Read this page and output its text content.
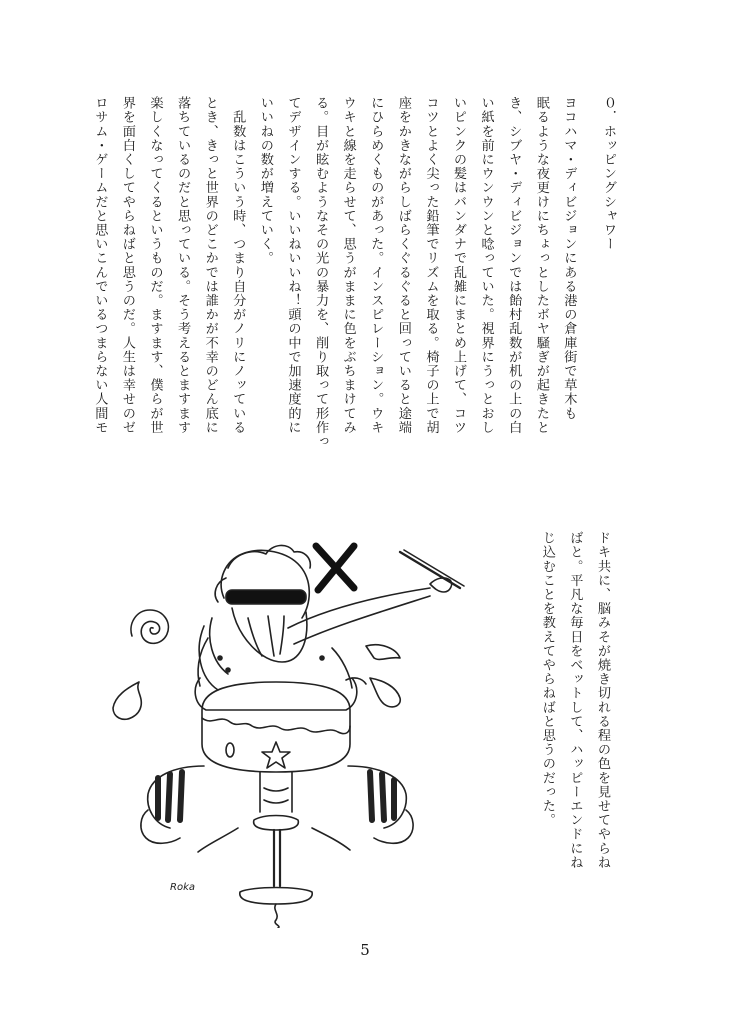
０．ホッピングシャワー
ヨコハマ・ディビジョンにある港の倉庫街で草木も
眠るような夜更けにちょっとしたボヤ騒ぎが起きたと
き、シブヤ・ディビジョンでは飴村乱数が机の上の白
い紙を前にウンウンと唸っていた。視界にうっとおし
いピンクの髪はバンダナで乱雑にまとめ上げて、コツ
コツとよく尖った鉛筆でリズムを取る。椅子の上で胡
座をかきながらしばらくぐるぐると回っていると途端
にひらめくものがあった。インスピレーション。ウキ
ウキと線を走らせて、思うがままに色をぶちまけてみ
る。目が眩むようなその光の暴力を、削り取って形作っ
てデザインする。いいねいいね！頭の中で加速度的に
いいねの数が増えていく。
　乱数はこういう時、つまり自分がノリにノッている
とき、きっと世界のどこかでは誰かが不幸のどん底に
落ちているのだと思っている。そう考えるとますます
楽しくなってくるというものだ。ますます、僕らが世
界を面白くしてやらねばと思うのだ。人生は幸せのゼ
ロサム・ゲームだと思いこんでいるつまらない人間モ
ドキ共に、脳みそが焼き切れる程の色を見せてやらね
ばと。平凡な毎日をベットして、ハッピーエンドにね
じ込むことを教えてやらねばと思うのだった。
Roka
5
